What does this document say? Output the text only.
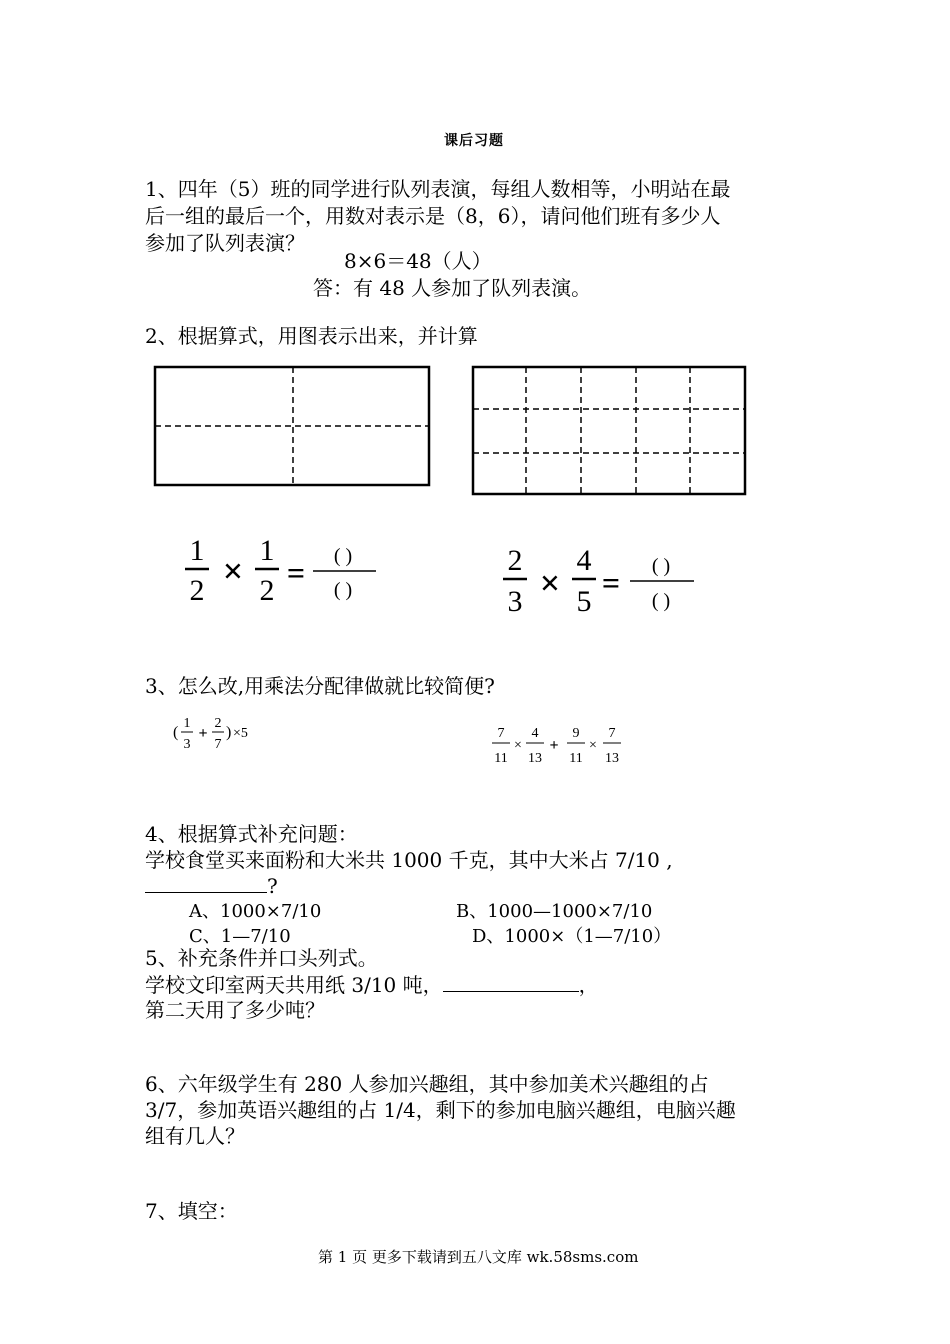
课后习题
1、四年（5）班的同学进行队列表演，每组人数相等，小明站在最
后一组的最后一个，用数对表示是（8，6），请问他们班有多少人
参加了队列表演？
8×6＝48（人）
答：有 48 人参加了队列表演。
2、根据算式，用图表示出来，并计算
1
2 ×
1
2 = ( )
( )
2
3 ×
4
5
= ( )
( )
3、怎么改,用乘法分配律做就比较简便?
(
1
3
+
2
7
) ×5	7
11
×
4
13
+
9
11
×
7
13
4、根据算式补充问题：
学校食堂买来面粉和大米共 1000 千克，其中大米占 7/10 ,
?
A、1000×7/10	B、1000—1000×7/10
C、1—7/10	D、1000×（1—7/10）
5、补充条件并口头列式。
学校文印室两天共用纸 3/10 吨，	，
第二天用了多少吨？
6、六年级学生有 280 人参加兴趣组，其中参加美术兴趣组的占
3/7，参加英语兴趣组的占 1/4，剩下的参加电脑兴趣组，电脑兴趣
组有几人？
7、填空：
第 1 页 更多下载请到五八文库 wk.58sms.com
